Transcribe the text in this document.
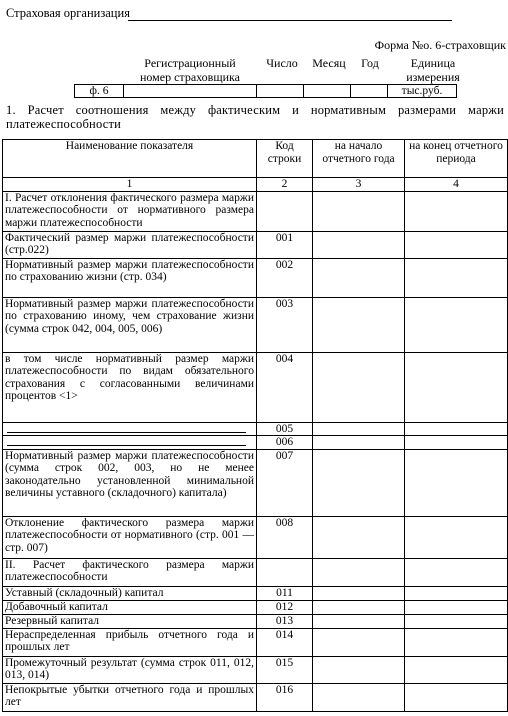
Страховая организация
Форма №о. 6-страховщик
Регистрационный номер страховщика
Число	Месяц	Год	Единица измерения
ф. 6					тыс.руб.
1. Расчет соотношения между фактическим и нормативным размерами маржи платежеспособности
Наименование показателя	Код строки	на начало отчетного года	на конец отчетного периода
1	2	3	4
I. Расчет отклонения фактического размера маржи платежеспособности от нормативного размера маржи платежеспособности			
Фактический размер маржи платежеспособности (стр.022)	001		
Нормативный размер маржи платежеспособности по страхованию жизни (стр. 034)	002		
Нормативный размер маржи платежеспособности по страхованию иному, чем страхование жизни (сумма строк 042, 004, 005, 006)	003		
в том числе нормативный размер маржи платежеспособности по видам обязательного страхования с согласованными величинами процентов <1>	004		

	005		

	006		
Нормативный размер маржи платежеспособности (сумма строк 002, 003, но не менее законодательно установленной минимальной величины уставного (складочного) капитала)	007		
Отклонение фактического размера маржи платежеспособности от нормативного (стр. 001 — стр. 007)	008		
II. Расчет фактического размера маржи платежеспособности			
Уставный (складочный) капитал	011		
Добавочный капитал	012		
Резервный капитал	013		
Нераспределенная прибыль отчетного года и прошлых лет	014		
Промежуточный результат (сумма строк 011, 012, 013, 014)	015		
Непокрытые убытки отчетного года и прошлых лет	016		
